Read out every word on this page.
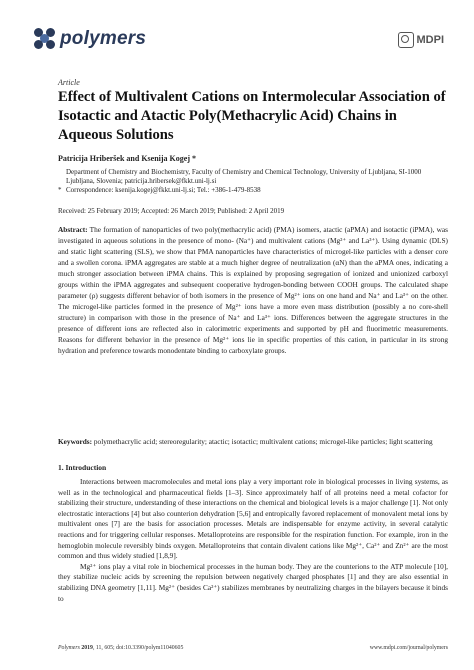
polymers	MDPI
Article
Effect of Multivalent Cations on Intermolecular Association of Isotactic and Atactic Poly(Methacrylic Acid) Chains in Aqueous Solutions
Patricija Hriberšek and Ksenija Kogej *
Department of Chemistry and Biochemistry, Faculty of Chemistry and Chemical Technology, University of Ljubljana, SI-1000 Ljubljana, Slovenia; patricija.hribersek@fkkt.uni-lj.si
* Correspondence: ksenija.kogej@fkkt.uni-lj.si; Tel.: +386-1-479-8538
Received: 25 February 2019; Accepted: 26 March 2019; Published: 2 April 2019
Abstract: The formation of nanoparticles of two poly(methacrylic acid) (PMA) isomers, atactic (aPMA) and isotactic (iPMA), was investigated in aqueous solutions in the presence of mono- (Na⁺) and multivalent cations (Mg²⁺ and La³⁺). Using dynamic (DLS) and static light scattering (SLS), we show that PMA nanoparticles have characteristics of microgel-like particles with a denser core and a swollen corona. iPMA aggregates are stable at a much higher degree of neutralization (αN) than the aPMA ones, indicating a much stronger association between iPMA chains. This is explained by proposing segregation of ionized and unionized carboxyl groups within the iPMA aggregates and subsequent cooperative hydrogen-bonding between COOH groups. The calculated shape parameter (ρ) suggests different behavior of both isomers in the presence of Mg²⁺ ions on one hand and Na⁺ and La³⁺ on the other. The microgel-like particles formed in the presence of Mg²⁺ ions have a more even mass distribution (possibly a no core-shell structure) in comparison with those in the presence of Na⁺ and La³⁺ ions. Differences between the aggregate structures in the presence of different ions are reflected also in calorimetric experiments and supported by pH and fluorimetric measurements. Reasons for different behavior in the presence of Mg²⁺ ions lie in specific properties of this cation, in particular in its strong hydration and preference towards monodentate binding to carboxylate groups.
Keywords: polymethacrylic acid; stereoregularity; atactic; isotactic; multivalent cations; microgel-like particles; light scattering
1. Introduction

Interactions between macromolecules and metal ions play a very important role in biological processes in living systems, as well as in the technological and pharmaceutical fields [1–3]. Since approximately half of all proteins need a metal cofactor for stabilizing their structure, understanding of these interactions on the chemical and biological levels is a major challenge [1]. Not only electrostatic interactions [4] but also counterion dehydration [5,6] and entropically favored replacement of monovalent metal ions by multivalent ones [7] are the basis for association processes. Metals are indispensable for enzyme activity, in several catalytic reactions and for triggering cellular responses. Metalloproteins are responsible for the respiration function. For example, iron in the hemoglobin molecule reversibly binds oxygen. Metalloproteins that contain divalent cations like Mg²⁺, Ca²⁺ and Zn²⁺ are the most common and thus widely studied [1,8,9].

Mg²⁺ ions play a vital role in biochemical processes in the human body. They are the counterions to the ATP molecule [10], they stabilize nucleic acids by screening the repulsion between negatively charged phosphates [1] and they are also essential in stabilizing DNA geometry [1,11]. Mg²⁺ (besides Ca²⁺) stabilizes membranes by neutralizing charges in the bilayers because it binds to

Polymers 2019, 11, 605; doi:10.3390/polym11040605	www.mdpi.com/journal/polymers
